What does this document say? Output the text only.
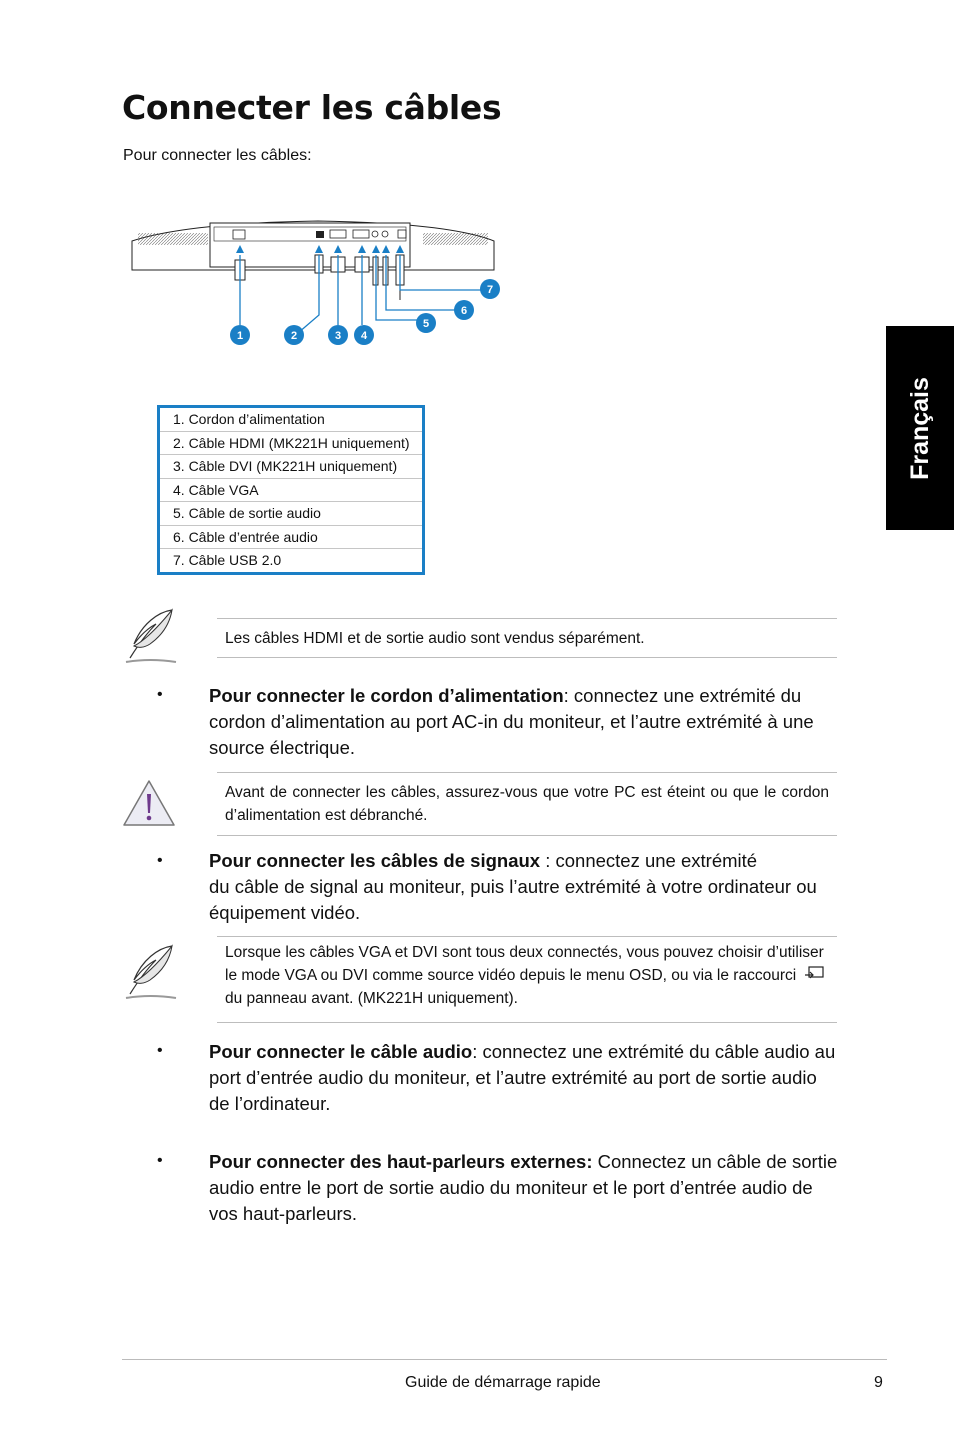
Connecter les câbles
Pour connecter les câbles:
Français
1	2	3 4
5
6
7
1. Cordon d’alimentation
2. Câble HDMI (MK221H uniquement)
3. Câble DVI (MK221H uniquement)
4. Câble VGA
5. Câble de sortie audio
6. Câble d’entrée audio
7. Câble USB 2.0
Les câbles HDMI et de sortie audio sont vendus séparément.
•	Pour connecter le cordon d’alimentation: connectez une extrémité du cordon d’alimentation au port AC-in du moniteur, et l’autre extrémité à une source électrique.
Avant de connecter les câbles, assurez-vous que votre PC est éteint ou que le cordon d’alimentation est débranché.
•	Pour connecter les câbles de signaux : connectez une extrémité
du câble de signal au moniteur, puis l’autre extrémité à votre ordinateur ou équipement vidéo.
Lorsque les câbles VGA et DVI sont tous deux connectés, vous pouvez choisir d’utiliser le mode VGA ou DVI comme source vidéo depuis le menu OSD, ou via le raccourci  du panneau avant. (MK221H uniquement).
•	Pour connecter le câble audio: connectez une extrémité du câble audio au port d’entrée audio du moniteur, et l’autre extrémité au port de sortie audio de l’ordinateur.
•	Pour connecter des haut-parleurs externes: Connectez un câble de sortie audio entre le port de sortie audio du moniteur et le port d’entrée audio de vos haut-parleurs.
Guide de démarrage rapide	9
